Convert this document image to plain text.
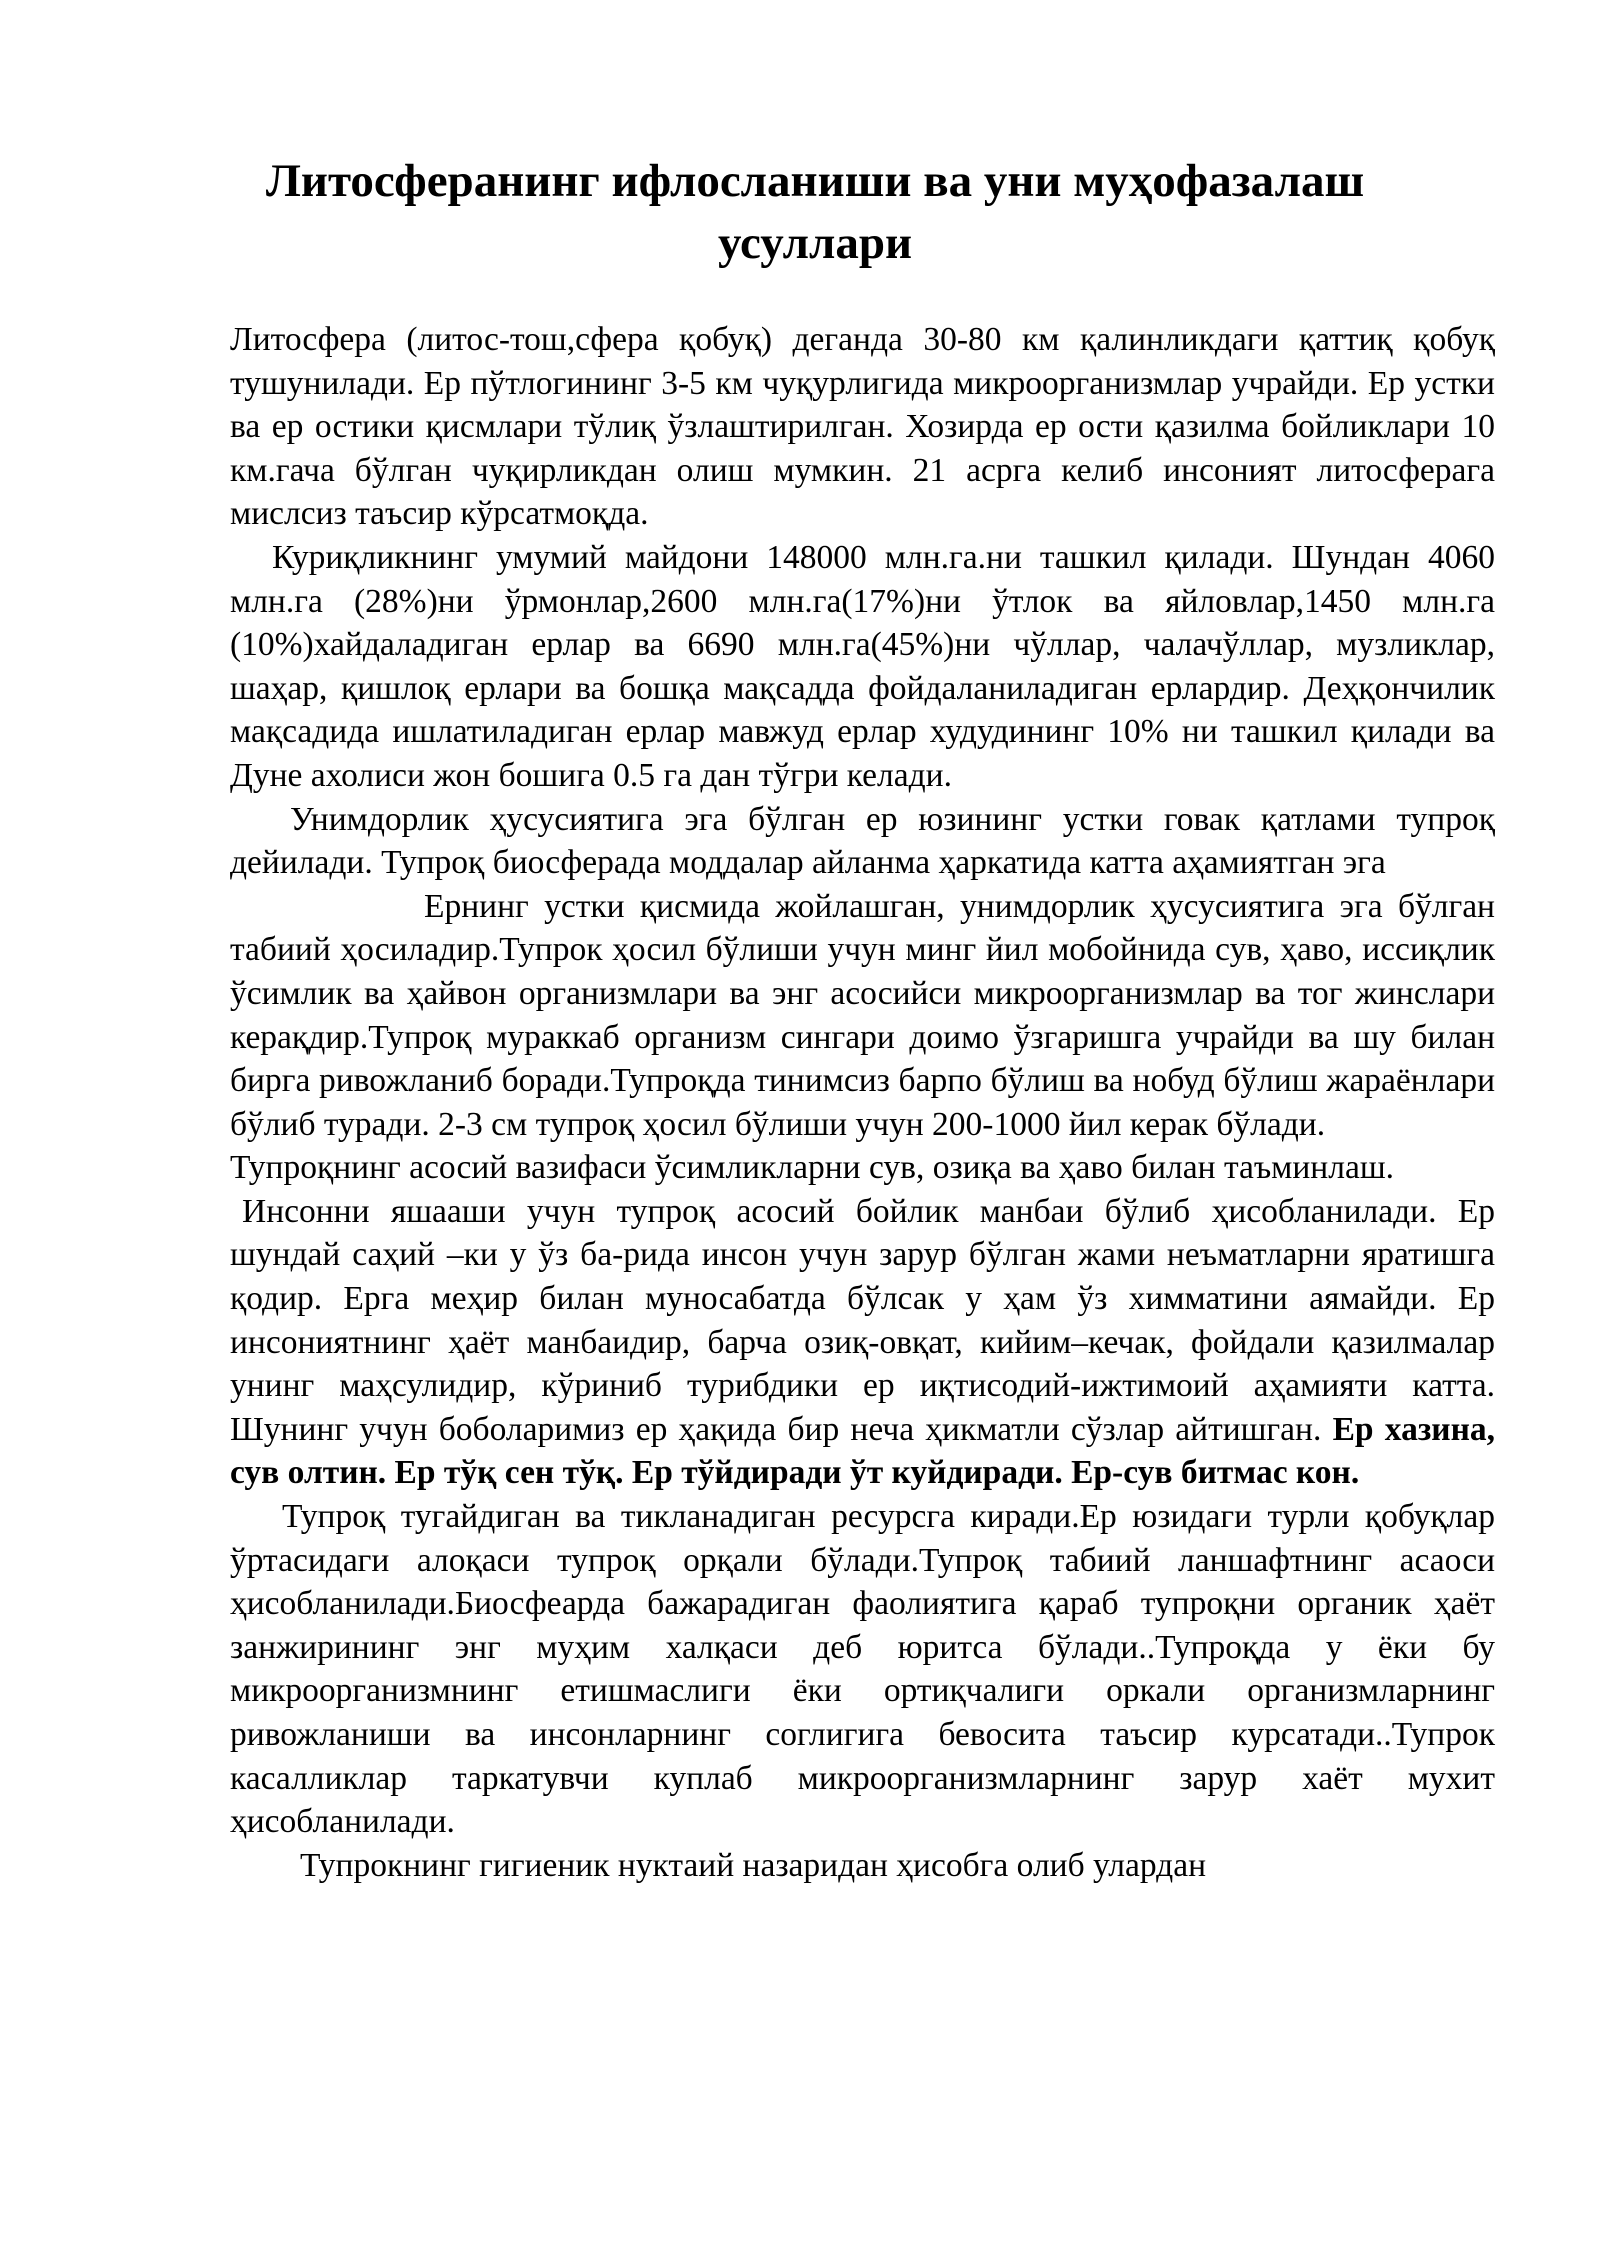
Литосферанинг ифлосланиши ва уни муҳофазалаш усуллари

Литосфера (литос-тош,сфера қобуқ) деганда 30-80 км қалинликдаги қаттиқ қобуқ тушунилади. Ер пўтлогининг 3-5 км чуқурлигида микроорганизмлар учрайди. Ер устки ва ер остики қисмлари тўлиқ ўзлаштирилган. Хозирда ер ости қазилма бойликлари 10 км.гача бўлган чуқирликдан олиш мумкин. 21 асрга келиб инсоният литосферага мислсиз таъсир кўрсатмоқда.

Куриқликнинг умумий майдони 148000 млн.га.ни ташкил қилади. Шундан 4060 млн.га (28%)ни ўрмонлар,2600 млн.га(17%)ни ўтлок ва яйловлар,1450 млн.га (10%)хайдаладиган ерлар ва 6690 млн.га(45%)ни чўллар, чалачўллар, музликлар, шаҳар, қишлоқ ерлари ва бошқа мақсадда фойдаланиладиган ерлардир. Деҳқончилик мақсадида ишлатиладиган ерлар мавжуд ерлар худудининг 10% ни ташкил қилади ва Дуне ахолиси жон бошига 0.5 га дан тўгри келади.

Унимдорлик ҳусусиятига эга бўлган ер юзининг устки говак қатлами тупроқ дейилади. Тупроқ биосферада моддалар айланма ҳаркатида катта аҳамиятган эга

Ернинг устки қисмида жойлашган, унимдорлик ҳусусиятига эга бўлган табиий ҳосиладир.Тупрок ҳосил бўлиши учун минг йил мобойнида сув, ҳаво, иссиқлик ўсимлик ва ҳайвон организмлари ва энг асосийси микроорганизмлар ва тог жинслари керақдир.Тупроқ мураккаб организм сингари доимо ўзгаришга учрайди ва шу билан бирга ривожланиб боради.Тупроқда тинимсиз барпо бўлиш ва нобуд бўлиш жараёнлари бўлиб туради. 2-3 см тупроқ ҳосил бўлиши учун 200-1000 йил керак бўлади.

Тупроқнинг асосий вазифаси ўсимликларни сув, озиқа ва ҳаво билан таъминлаш.

Инсонни яшааши учун тупроқ асосий бойлик манбаи бўлиб ҳисобланилади. Ер шундай саҳий –ки у ўз ба-рида инсон учун зарур бўлган жами неъматларни яратишга қодир. Ерга меҳир билан муносабатда бўлсак у ҳам ўз химматини аямайди. Ер инсониятнинг ҳаёт манбаидир, барча озиқ-овқат, кийим–кечак, фойдали қазилмалар унинг маҳсулидир, кўриниб турибдики ер иқтисодий-ижтимоий аҳамияти катта. Шунинг учун боболаримиз ер ҳақида бир неча ҳикматли сўзлар айтишган. Ер хазина, сув олтин. Ер тўқ сен тўқ. Ер тўйдиради ўт куйдиради. Ер-сув битмас кон.

Тупроқ тугайдиган ва тикланадиган ресурсга киради.Ер юзидаги турли қобуқлар ўртасидаги алоқаси тупроқ орқали бўлади.Тупроқ табиий ланшафтнинг асаоси ҳисобланилади.Биосфеарда бажарадиган фаолиятига қараб тупроқни органик ҳаёт занжирининг энг муҳим халқаси деб юритса бўлади..Тупроқда у ёки бу микроорганизмнинг етишмаслиги ёки ортиқчалиги оркали организмларнинг ривожланиши ва инсонларнинг соглигига бевосита таъсир курсатади..Тупрок касалликлар таркатувчи куплаб микроорганизмларнинг зарур хаёт мухит ҳисобланилади.

Тупрокнинг гигиеник нуктаий назаридан ҳисобга олиб улардан
